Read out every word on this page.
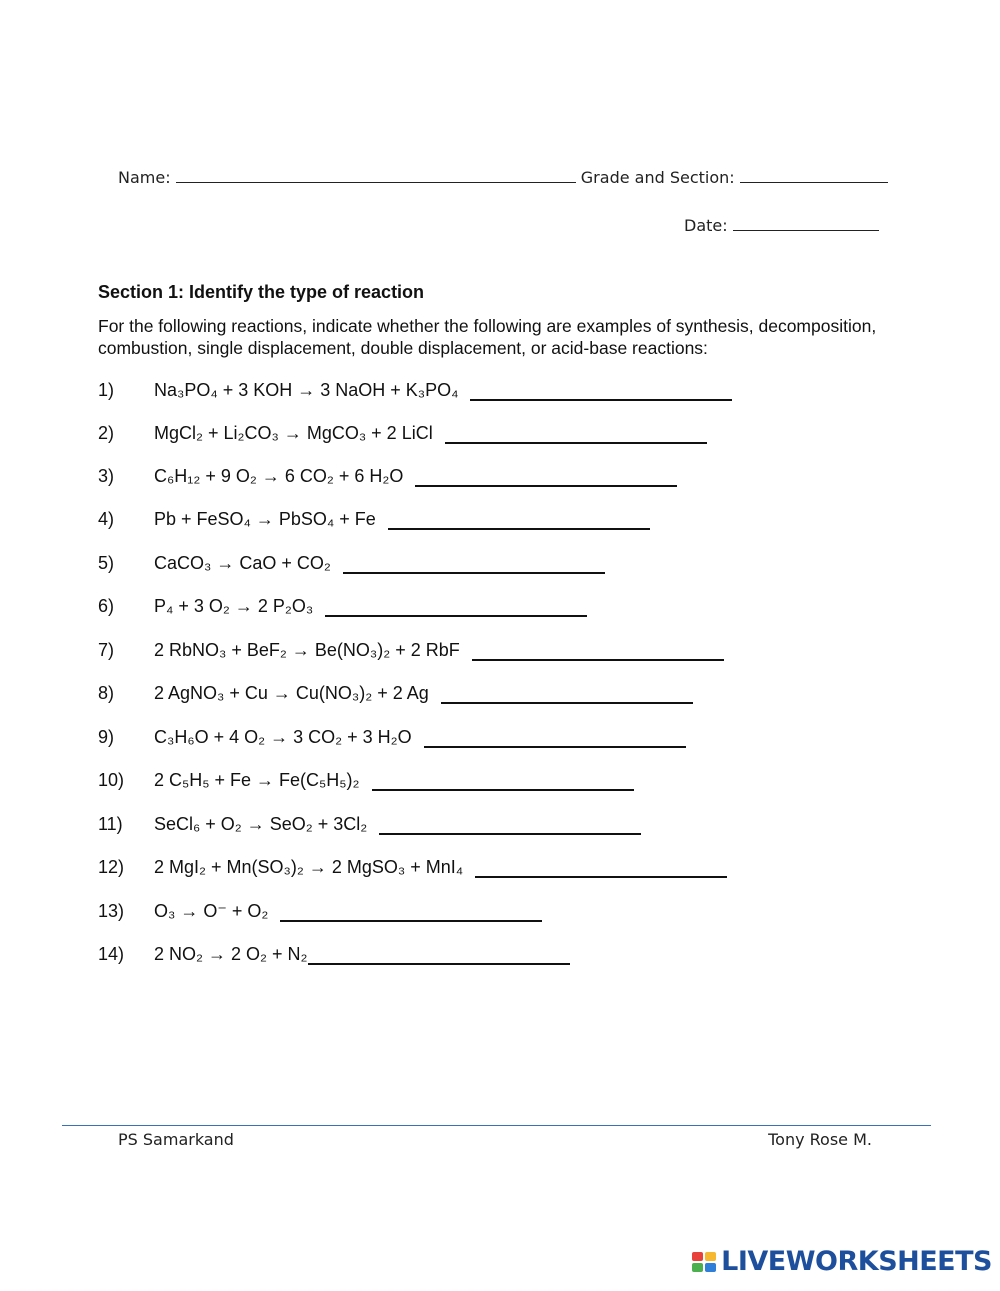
Name:	Grade and Section:
Date:
Section 1: Identify the type of reaction
For the following reactions, indicate whether the following are examples of synthesis, decomposition, combustion, single displacement, double displacement, or acid-base reactions:
1) Na₃PO₄ + 3 KOH → 3 NaOH + K₃PO₄
2) MgCl₂ + Li₂CO₃ → MgCO₃ + 2 LiCl
3) C₆H₁₂ + 9 O₂ → 6 CO₂ + 6 H₂O
4) Pb + FeSO₄ → PbSO₄ + Fe
5) CaCO₃ → CaO + CO₂
6) P₄ + 3 O₂ → 2 P₂O₃
7) 2 RbNO₃ + BeF₂ → Be(NO₃)₂ + 2 RbF
8) 2 AgNO₃ + Cu → Cu(NO₃)₂ + 2 Ag
9) C₃H₆O + 4 O₂ → 3 CO₂ + 3 H₂O
10) 2 C₅H₅ + Fe → Fe(C₅H₅)₂
11) SeCl₆ + O₂ → SeO₂ + 3Cl₂
12) 2 MgI₂ + Mn(SO₃)₂ → 2 MgSO₃ + MnI₄
13) O₃ → O⁻ + O₂
14) 2 NO₂ → 2 O₂ + N₂
PS Samarkand	Tony Rose M.
LIVEWORKSHEETS
